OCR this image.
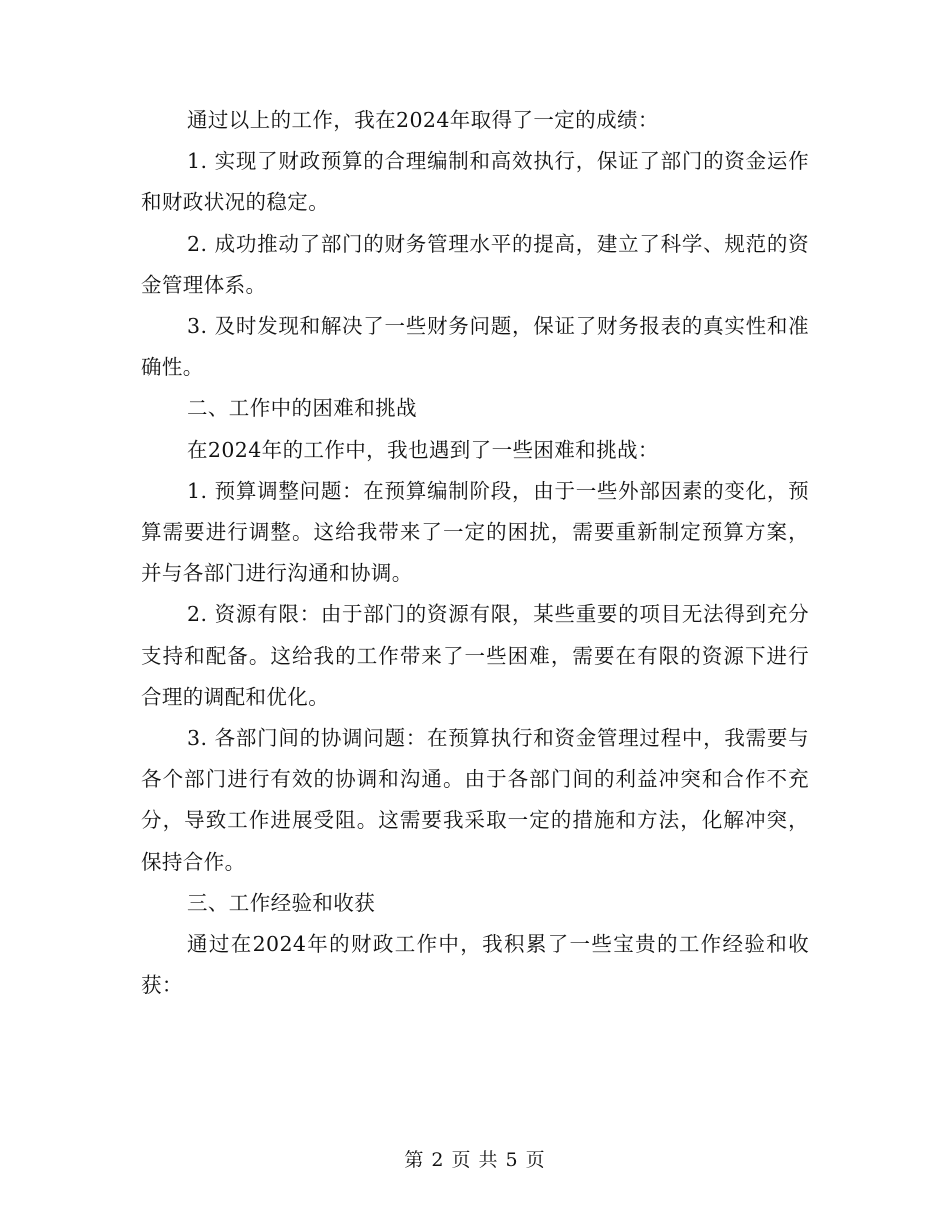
通过以上的工作，我在2024年取得了一定的成绩：

1. 实现了财政预算的合理编制和高效执行，保证了部门的资金运作和财政状况的稳定。

2. 成功推动了部门的财务管理水平的提高，建立了科学、规范的资金管理体系。

3. 及时发现和解决了一些财务问题，保证了财务报表的真实性和准确性。

二、工作中的困难和挑战

在2024年的工作中，我也遇到了一些困难和挑战：

1. 预算调整问题：在预算编制阶段，由于一些外部因素的变化，预算需要进行调整。这给我带来了一定的困扰，需要重新制定预算方案，并与各部门进行沟通和协调。

2. 资源有限：由于部门的资源有限，某些重要的项目无法得到充分支持和配备。这给我的工作带来了一些困难，需要在有限的资源下进行合理的调配和优化。

3. 各部门间的协调问题：在预算执行和资金管理过程中，我需要与各个部门进行有效的协调和沟通。由于各部门间的利益冲突和合作不充分，导致工作进展受阻。这需要我采取一定的措施和方法，化解冲突，保持合作。

三、工作经验和收获

通过在2024年的财政工作中，我积累了一些宝贵的工作经验和收获：

第 2 页 共 5 页
